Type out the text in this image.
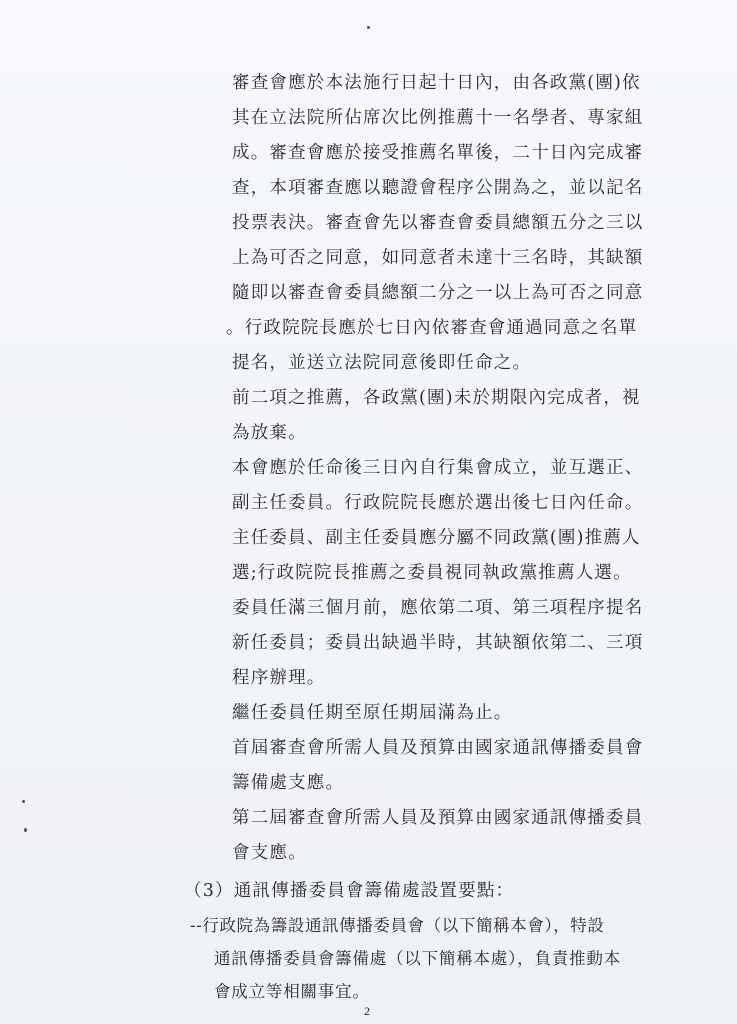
審查會應於本法施行日起十日內，由各政黨(團)依
其在立法院所佔席次比例推薦十一名學者、專家組
成。審查會應於接受推薦名單後，二十日內完成審
查，本項審查應以聽證會程序公開為之，並以記名
投票表決。審查會先以審查會委員總額五分之三以
上為可否之同意，如同意者未達十三名時，其缺額
隨即以審查會委員總額二分之一以上為可否之同意
。行政院院長應於七日內依審查會通過同意之名單
提名，並送立法院同意後即任命之。
前二項之推薦，各政黨(團)未於期限內完成者，視
為放棄。
本會應於任命後三日內自行集會成立，並互選正、
副主任委員。行政院院長應於選出後七日內任命。
主任委員、副主任委員應分屬不同政黨(團)推薦人
選;行政院院長推薦之委員視同執政黨推薦人選。
委員任滿三個月前，應依第二項、第三項程序提名
新任委員；委員出缺過半時，其缺額依第二、三項
程序辦理。
繼任委員任期至原任期屆滿為止。
首屆審查會所需人員及預算由國家通訊傳播委員會
籌備處支應。
第二屆審查會所需人員及預算由國家通訊傳播委員
會支應。
（3）通訊傳播委員會籌備處設置要點：
--行政院為籌設通訊傳播委員會（以下簡稱本會），特設
通訊傳播委員會籌備處（以下簡稱本處），負責推動本
會成立等相關事宜。
2
